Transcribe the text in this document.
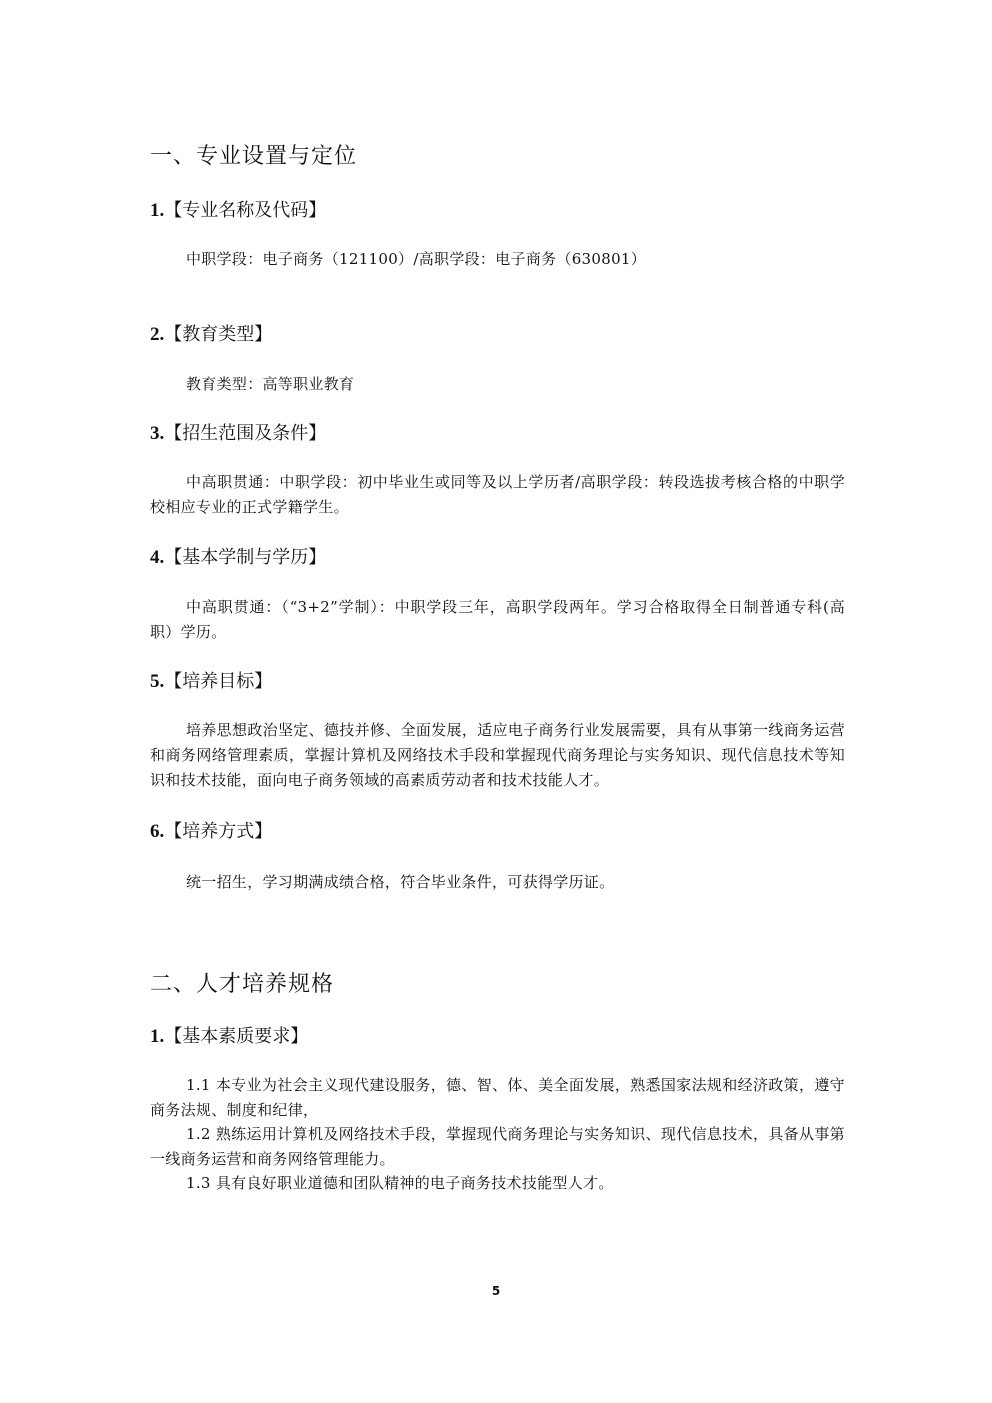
一、专业设置与定位
1.【专业名称及代码】

中职学段：电子商务（121100）/高职学段：电子商务（630801）

2.【教育类型】

教育类型：高等职业教育

3.【招生范围及条件】

中高职贯通：中职学段：初中毕业生或同等及以上学历者/高职学段：转段选拔考核合格的中职学校相应专业的正式学籍学生。

4.【基本学制与学历】

中高职贯通：（“3+2”学制）：中职学段三年，高职学段两年。学习合格取得全日制普通专科(高职）学历。

5.【培养目标】

培养思想政治坚定、德技并修、全面发展，适应电子商务行业发展需要，具有从事第一线商务运营和商务网络管理素质，掌握计算机及网络技术手段和掌握现代商务理论与实务知识、现代信息技术等知识和技术技能，面向电子商务领域的高素质劳动者和技术技能人才。

6.【培养方式】

统一招生，学习期满成绩合格，符合毕业条件，可获得学历证。

二、人才培养规格
1.【基本素质要求】

1.1 本专业为社会主义现代建设服务，德、智、体、美全面发展，熟悉国家法规和经济政策，遵守商务法规、制度和纪律，

1.2 熟练运用计算机及网络技术手段，掌握现代商务理论与实务知识、现代信息技术，具备从事第一线商务运营和商务网络管理能力。

1.3 具有良好职业道德和团队精神的电子商务技术技能型人才。

5
